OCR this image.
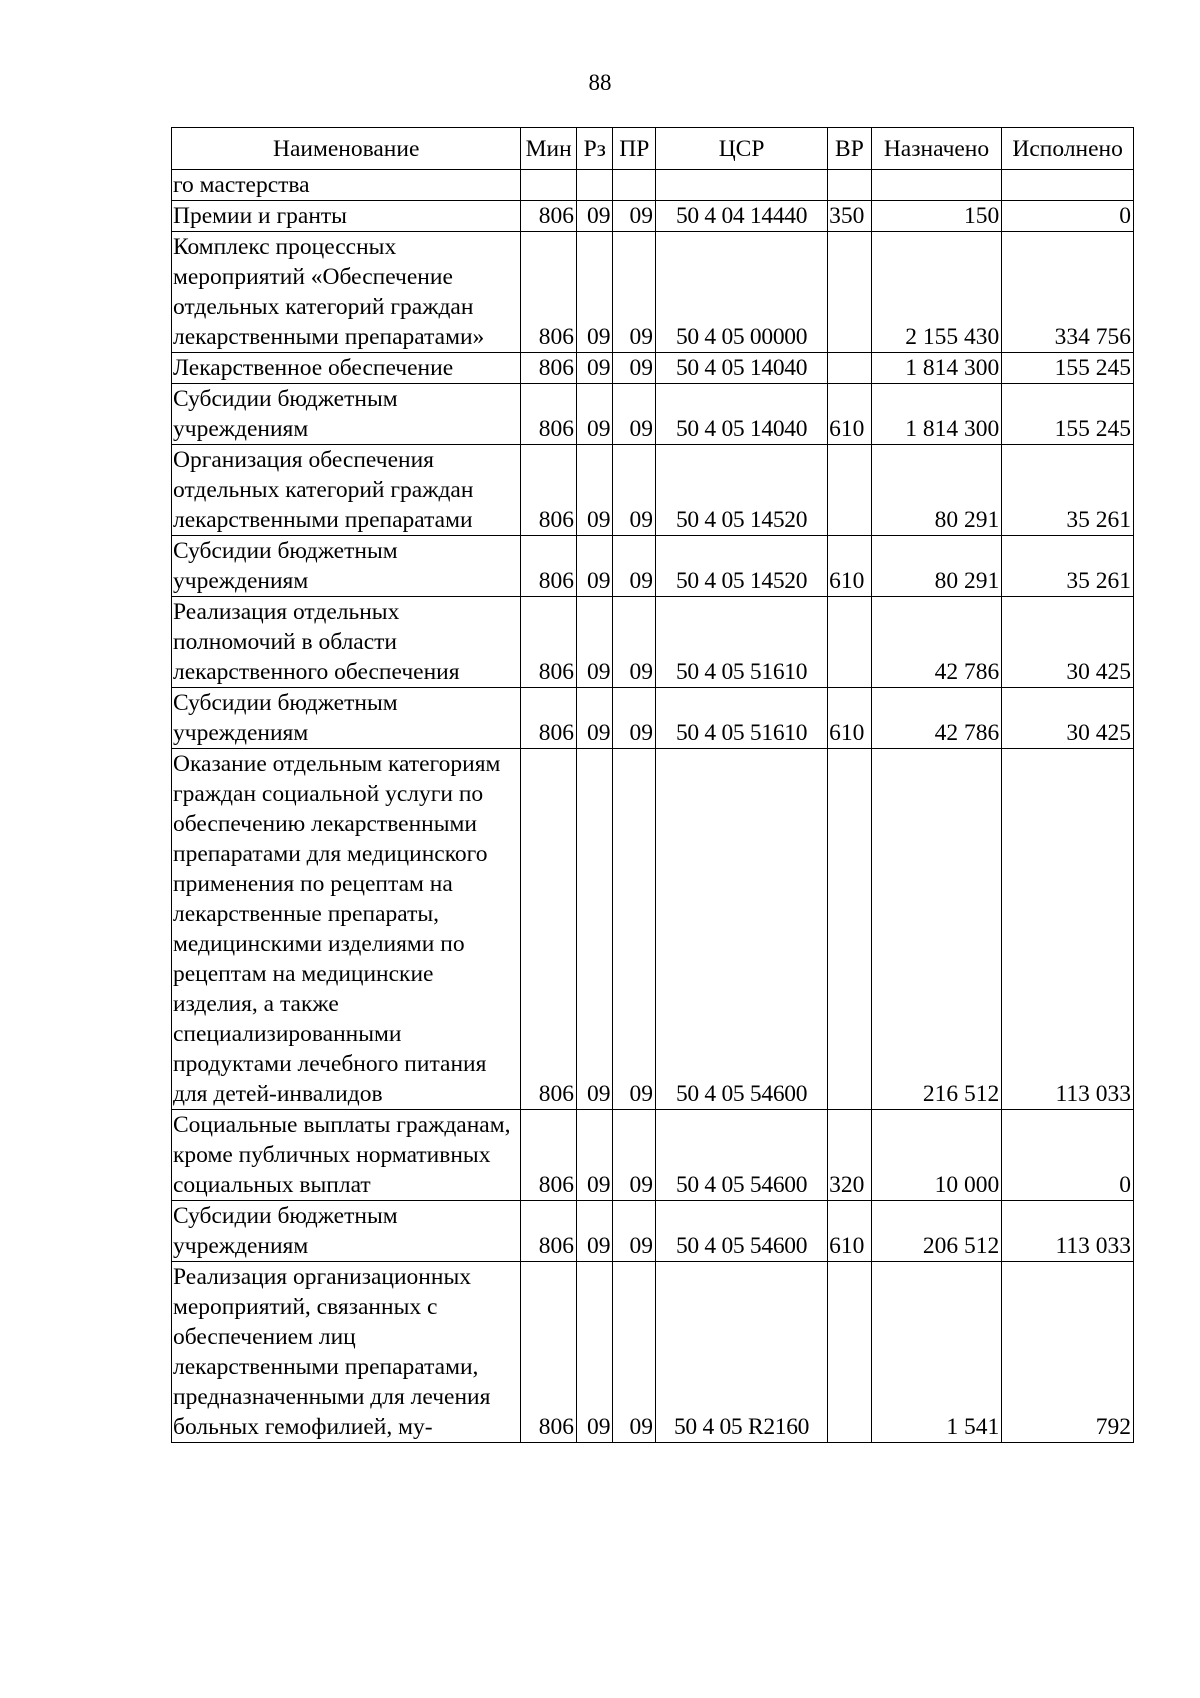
88
Наименование	Мин	Рз	ПР	ЦСР	ВР	Назначено	Исполнено
го мастерства							
Премии и гранты	806	09	09	50 4 04 14440	350	150	0
Комплекс процессных мероприятий «Обеспечение отдельных категорий граждан лекарственными препаратами»	806	09	09	50 4 05 00000		2 155 430	334 756
Лекарственное обеспечение	806	09	09	50 4 05 14040		1 814 300	155 245
Субсидии бюджетным учреждениям	806	09	09	50 4 05 14040	610	1 814 300	155 245
Организация обеспечения отдельных категорий граждан лекарственными препаратами	806	09	09	50 4 05 14520		80 291	35 261
Субсидии бюджетным учреждениям	806	09	09	50 4 05 14520	610	80 291	35 261
Реализация отдельных полномочий в области лекарственного обеспечения	806	09	09	50 4 05 51610		42 786	30 425
Субсидии бюджетным учреждениям	806	09	09	50 4 05 51610	610	42 786	30 425
Оказание отдельным категориям граждан социальной услуги по обеспечению лекарственными препаратами для медицинского применения по рецептам на лекарственные препараты, медицинскими изделиями по рецептам на медицинские изделия, а также специализированными продуктами лечебного питания для детей-инвалидов	806	09	09	50 4 05 54600		216 512	113 033
Социальные выплаты гражданам, кроме публичных нормативных социальных выплат	806	09	09	50 4 05 54600	320	10 000	0
Субсидии бюджетным учреждениям	806	09	09	50 4 05 54600	610	206 512	113 033
Реализация организационных мероприятий, связанных с обеспечением лиц лекарственными препаратами, предназначенными для лечения больных гемофилией, му-	806	09	09	50 4 05 R2160		1 541	792
